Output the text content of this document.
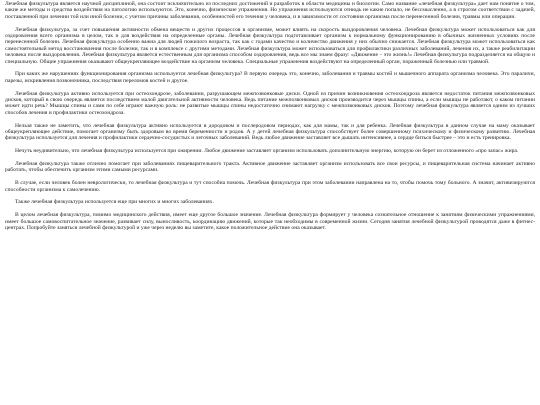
Лечебная физкультура является научной дисциплиной, она состоит исключительно из последних достижений и разработок в области медицины и биологии. Само название «лечебная физкультура» дает нам понятие о том, какие же методы и средства воздействия на патологию используются. Это, конечно, физические упражнения. Но упражнения используются отнюдь не какие попало, не бессмысленно, а в строгом соответствии с задачей, поставленной при лечении той или иной болезни, с учетом причины заболевания, особенностей его течения у человека, и в зависимости от состояния организма после перенесенной болезни, травмы или операции.

Лечебная физкультура, за счет повышения активности обмена веществ и других процессов в организме, может влиять на скорость выздоровления человека. Лечебная физкультура может использоваться как для оздоровления всего организма в целом, так и для воздействия на определенные органы. Лечебная физкультура подготавливает организм к нормальному функционированию в обычных жизненных условиях после перенесенной болезни. Лечебная физкультура особенно важна для людей пожилого возраста, так как с годами качество и количество движения у них обычно снижается. Лечебная физкультура может использоваться как самостоятельный метод восстановления после болезни, так и в комплексе с другими методами. Лечебная физкультура может использоваться для профилактики различных заболеваний, лечения их, а также реабилитации человека после выздоровления. Лечебная физкультура является естественным для организма способом оздоровления, ведь все мы знаем фразу: «Движение – это жизнь!» Лечебная физкультура подразделяется на общую и специальную. Общие упражнения оказывают общеукрепляющее воздействие на организм человека. Специальные упражнения воздействуют на определенный орган, пораженный болезнью или травмой.

При каких же нарушениях функционирования организма используется лечебная физкультура? В первую очередь это, конечно, заболевания и травмы костей и мышечного аппарата организма человека. Это параличи, парезы, искривления позвоночника, последствия переломов костей и другое.

Лечебная физкультура активно используется при остеохондрозе, заболевании, разрушающем межпозвонковые диски. Одной из причин возникновения остеохондроза является недостаток питания межпозвонковых дисков, который в свою очередь является последствием малой двигательной активности человека. Ведь питание межпозвонковых дисков производится через мышцы спины, а если мышцы не работают, о каком питании может идти речь? Мышцы спины и сами по себе играют важную роль: не развитые мышцы спины недостаточно снимают нагрузку с межпозвонковых дисков. Поэтому лечебная физкультура является одним из лучших способов лечения и профилактики остеохондроза.

Нельзя также не заметить, что лечебная физкультура активно используется в дородовом и послеродовом периодах, как для мамы, так и для ребенка. Лечебная физкультура в данном случае на маму оказывает общеукрепляющее действие, помогает организму быть здоровым во время беременности и родов. А у детей лечебная физкультура способствует более совершенному психическому и физическому развитию. Лечебная физкультура используется для лечения и профилактики сердечно-сосудистых и легочных заболеваний. Ведь любое движение заставляет все дышать интенсивнее, а сердце биться быстрее – это и есть тренировка.

Нечуть неудивительно, что лечебная физкультура используется при ожирении. Любое движение заставляет организм использовать дополнительную энергию, которую он берет из отложенного «про запас» жира.

Лечебная физкультура также отлично помогает при заболеваниях пищеварительного тракта. Активное движение заставляет организм использовать все свои ресурсы, и пищеварительная система начинает активно работать, чтобы обеспечить организм этими самыми ресурсами.

В случае, если человек болен неврологически, то лечебная физкультура и тут способна помочь. Лечебная физкультура при этом заболевании направлена на то, чтобы помочь тому больного. А значит, активизируются способности организма к самолечению.

Также лечебная физкультура используется еще при многих и многих заболеваниях.

В целом лечебная физкультура, помимо медицинского действия, имеет еще другое большое значение. Лечебная физкультура формирует у человека сознательное отношение к занятиям физическими упражнениями, имеет большое самовоспитательное значение, развивает силу, выносливость, координацию движений, которые так необходимы в современной жизни. Сегодня занятия лечебной физкультурой проводятся даже в фитнес-центрах. Попробуйте заняться лечебной физкультурой и уже через неделю вы заметите, какое положительное действие она оказывает.
